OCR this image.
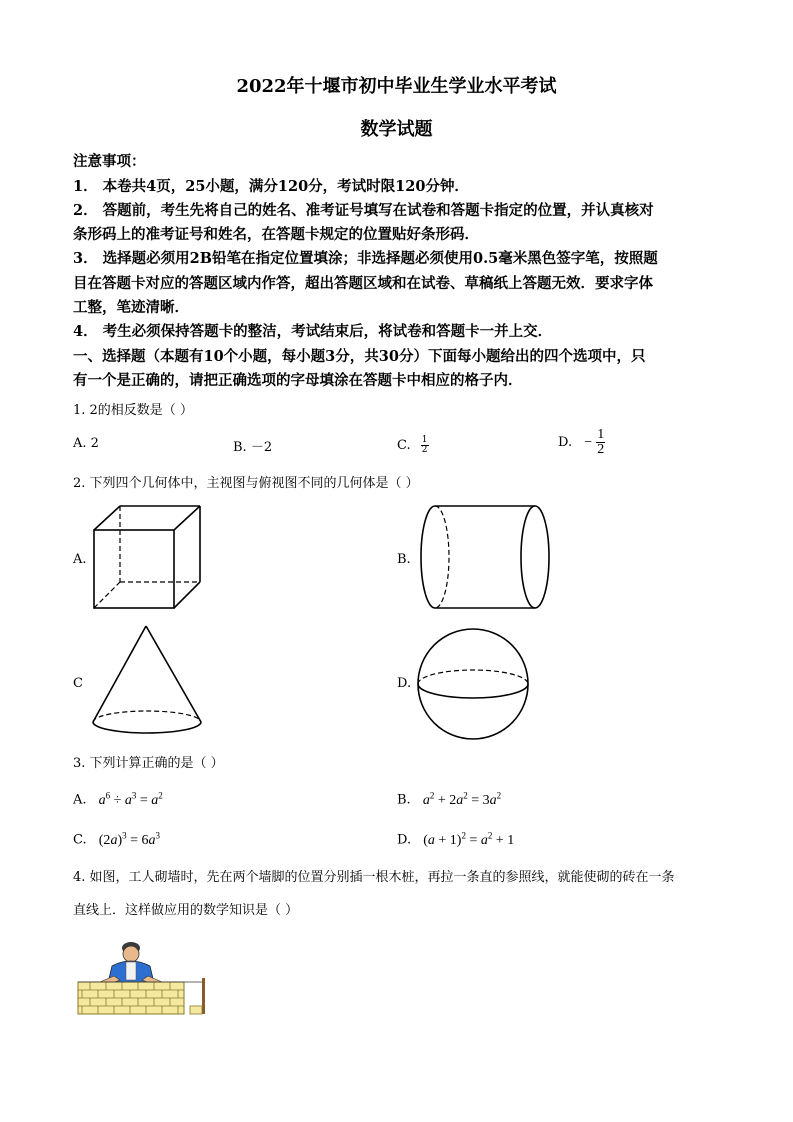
2022年十堰市初中毕业生学业水平考试
数学试题
注意事项：
1． 本卷共4页，25小题，满分120分，考试时限120分钟．
2． 答题前，考生先将自己的姓名、准考证号填写在试卷和答题卡指定的位置，并认真核对
条形码上的准考证号和姓名，在答题卡规定的位置贴好条形码．
3． 选择题必须用2B铅笔在指定位置填涂；非选择题必须使用0.5毫米黑色签字笔，按照题
目在答题卡对应的答题区域内作答，超出答题区域和在试卷、草稿纸上答题无效．要求字体
工整，笔迹清晰．
4． 考生必须保持答题卡的整洁，考试结束后，将试卷和答题卡一并上交．
一、选择题（本题有10个小题，每小题3分，共30分）下面每小题给出的四个选项中，只
有一个是正确的，请把正确选项的字母填涂在答题卡中相应的格子内．
1. 2的相反数是（ ）
A. 2	B. －2	C. $\frac{1}{2}$	D. − $\frac{1}{2}$
2. 下列四个几何体中，主视图与俯视图不同的几何体是（ ）
A.	B.
C	D.
3. 下列计算正确的是（ ）
A. $a^6 \div a^3 = a^2$	B. $a^2 + 2a^2 = 3a^2$
C. $(2a)^3 = 6a^3$	D. $(a + 1)^2 = a^2 + 1$
4. 如图，工人砌墙时，先在两个墙脚的位置分别插一根木桩，再拉一条直的参照线，就能使砌的砖在一条
直线上．这样做应用的数学知识是（ ）
